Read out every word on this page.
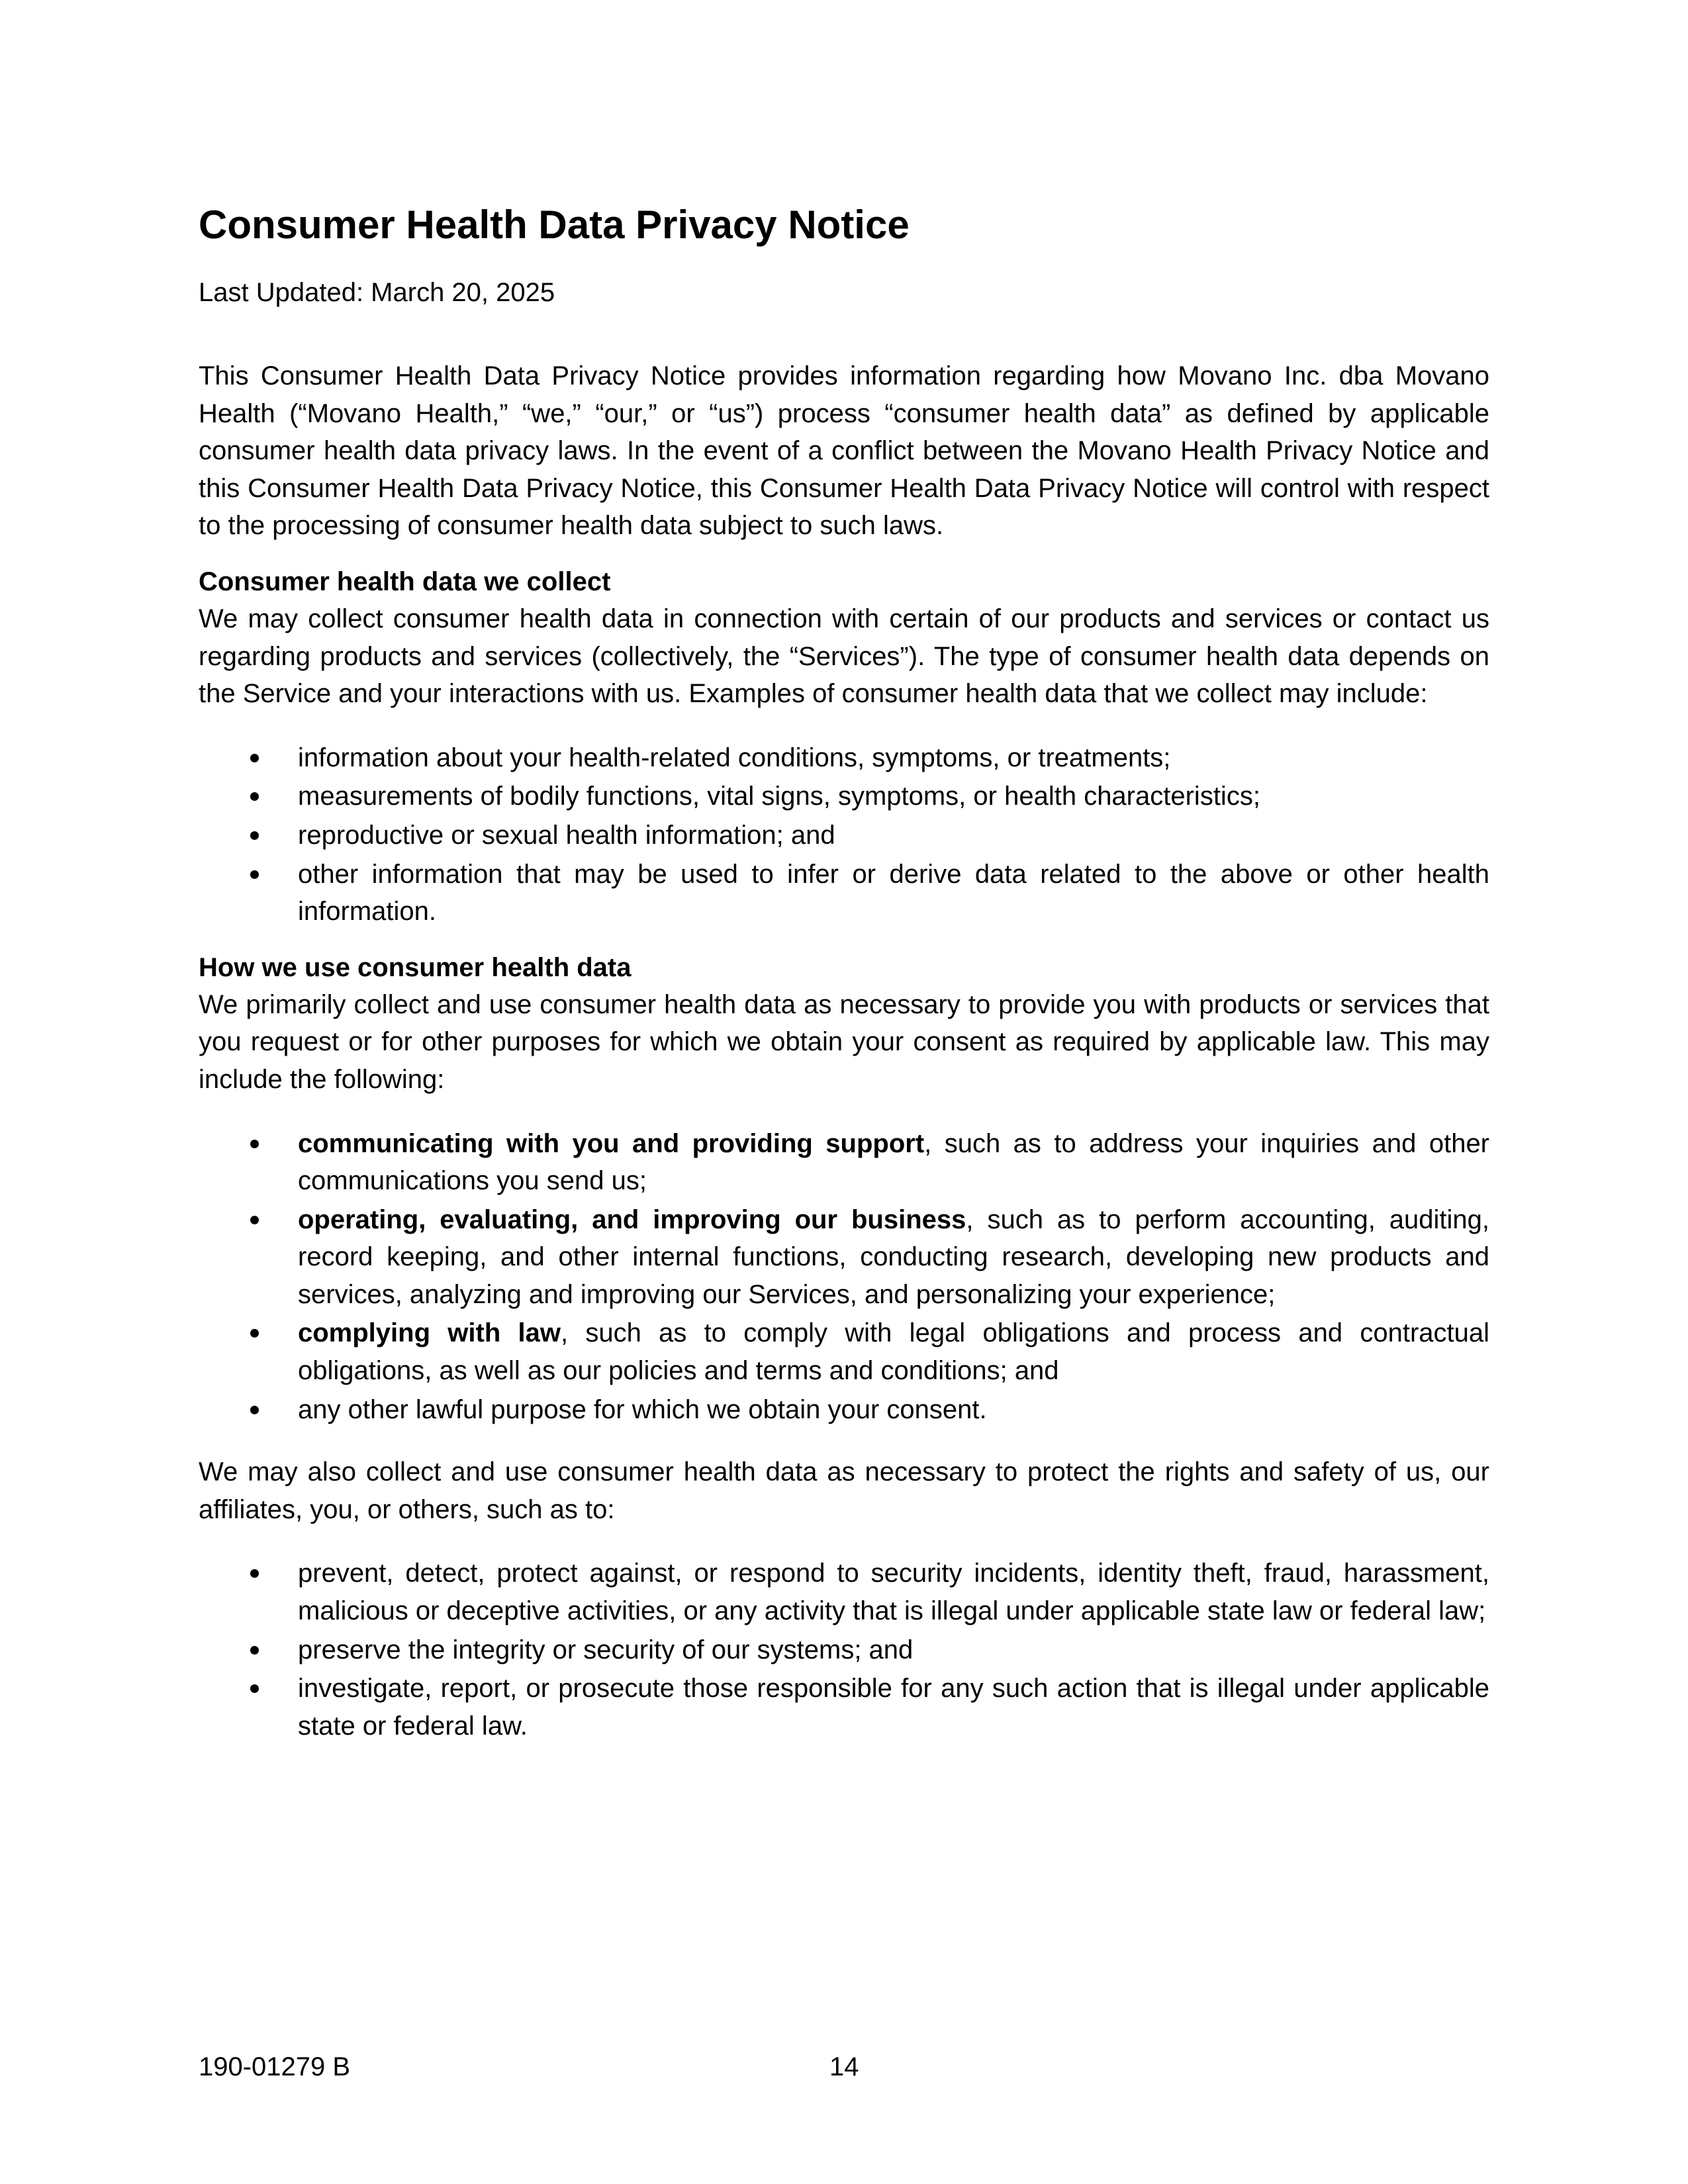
Consumer Health Data Privacy Notice
Last Updated: March 20, 2025

This Consumer Health Data Privacy Notice provides information regarding how Movano Inc. dba Movano Health (“Movano Health,” “we,” “our,” or “us”) process “consumer health data” as defined by applicable consumer health data privacy laws. In the event of a conflict between the Movano Health Privacy Notice and this Consumer Health Data Privacy Notice, this Consumer Health Data Privacy Notice will control with respect to the processing of consumer health data subject to such laws.

Consumer health data we collect

We may collect consumer health data in connection with certain of our products and services or contact us regarding products and services (collectively, the “Services”). The type of consumer health data depends on the Service and your interactions with us. Examples of consumer health data that we collect may include:

information about your health-related conditions, symptoms, or treatments;
measurements of bodily functions, vital signs, symptoms, or health characteristics;
reproductive or sexual health information; and
other information that may be used to infer or derive data related to the above or other health information.
How we use consumer health data

We primarily collect and use consumer health data as necessary to provide you with products or services that you request or for other purposes for which we obtain your consent as required by applicable law. This may include the following:

communicating with you and providing support, such as to address your inquiries and other communications you send us;
operating, evaluating, and improving our business, such as to perform accounting, auditing, record keeping, and other internal functions, conducting research, developing new products and services, analyzing and improving our Services, and personalizing your experience;
complying with law, such as to comply with legal obligations and process and contractual obligations, as well as our policies and terms and conditions; and
any other lawful purpose for which we obtain your consent.

We may also collect and use consumer health data as necessary to protect the rights and safety of us, our affiliates, you, or others, such as to:

prevent, detect, protect against, or respond to security incidents, identity theft, fraud, harassment, malicious or deceptive activities, or any activity that is illegal under applicable state law or federal law;
preserve the integrity or security of our systems; and
investigate, report, or prosecute those responsible for any such action that is illegal under applicable state or federal law.
190-01279 B	14
